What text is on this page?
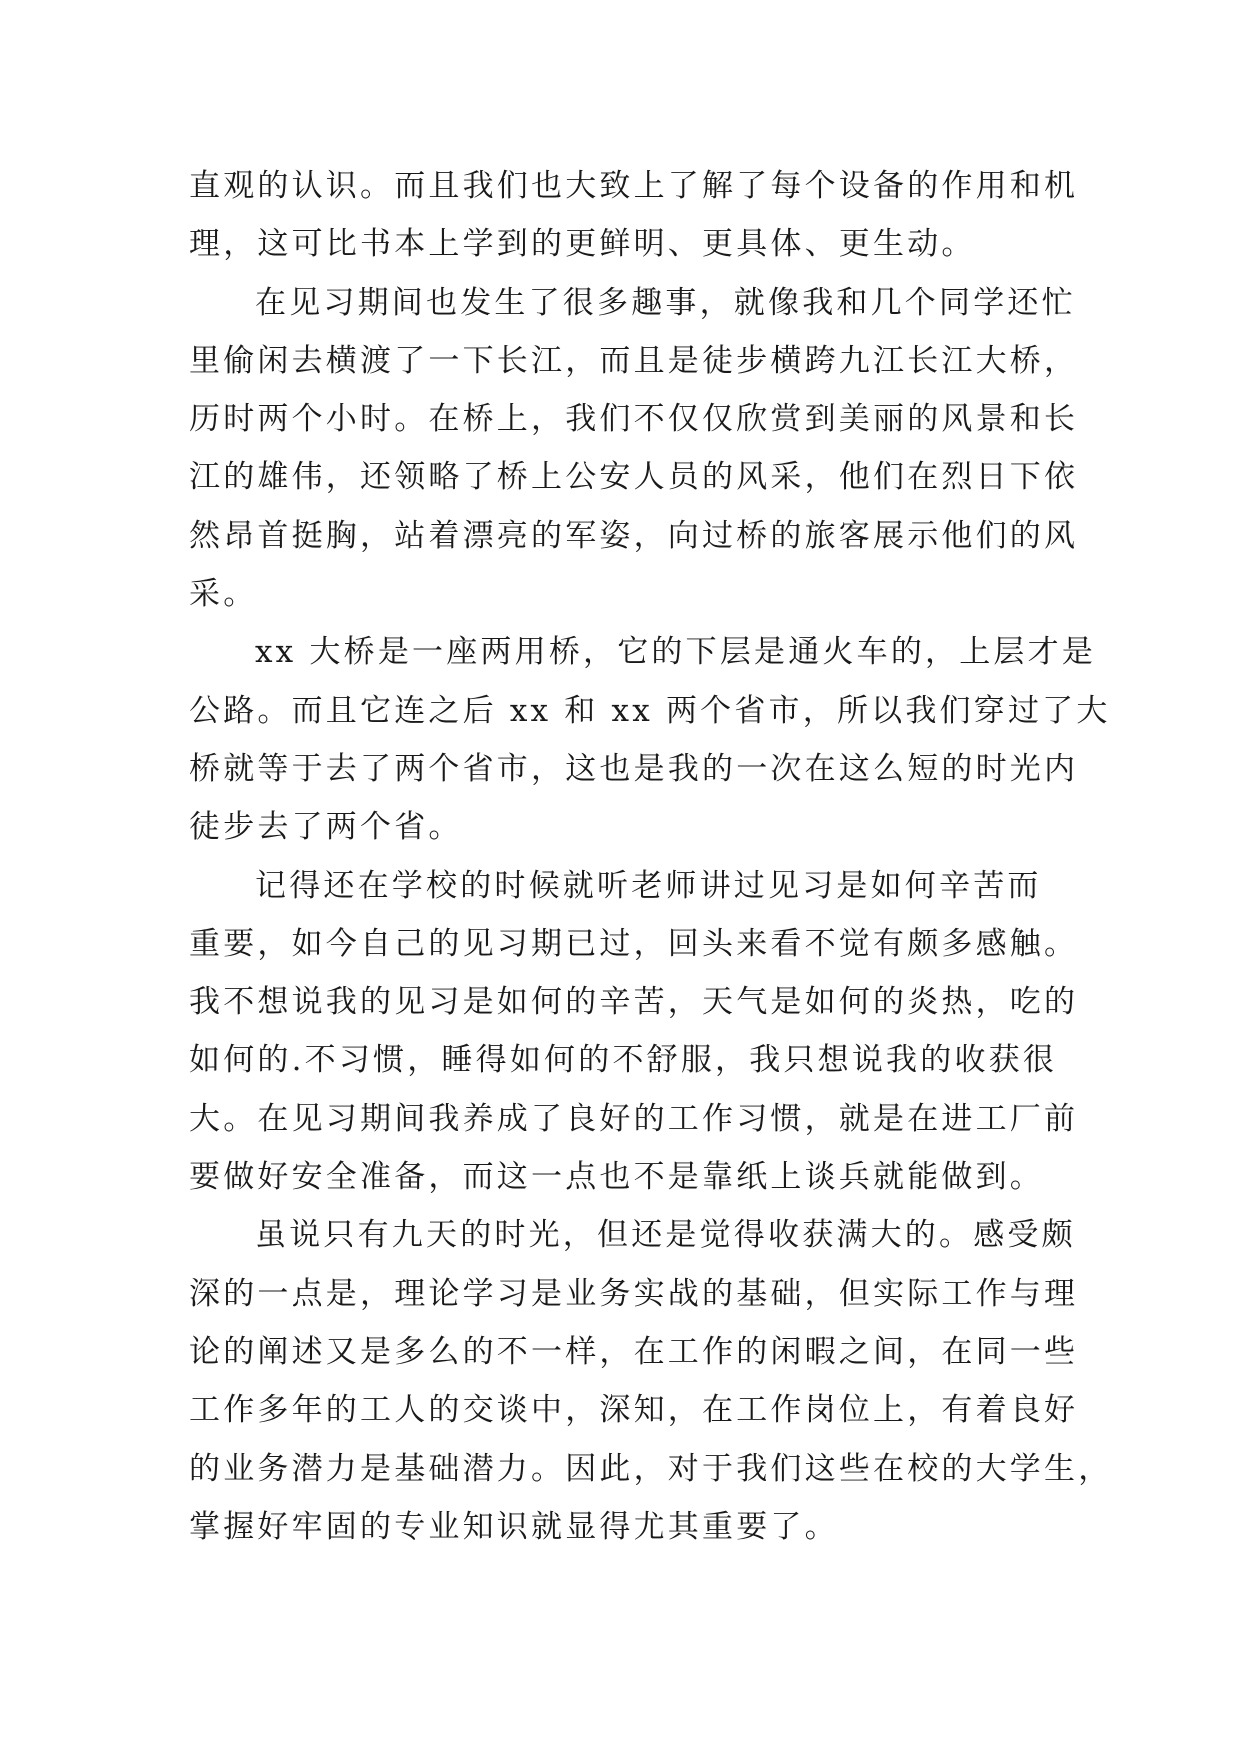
直观的认识。而且我们也大致上了解了每个设备的作用和机
理，这可比书本上学到的更鲜明、更具体、更生动。
在见习期间也发生了很多趣事，就像我和几个同学还忙
里偷闲去横渡了一下长江，而且是徒步横跨九江长江大桥，
历时两个小时。在桥上，我们不仅仅欣赏到美丽的风景和长
江的雄伟，还领略了桥上公安人员的风采，他们在烈日下依
然昂首挺胸，站着漂亮的军姿，向过桥的旅客展示他们的风
采。
xx 大桥是一座两用桥，它的下层是通火车的，上层才是
公路。而且它连之后 xx 和 xx 两个省市，所以我们穿过了大
桥就等于去了两个省市，这也是我的一次在这么短的时光内
徒步去了两个省。
记得还在学校的时候就听老师讲过见习是如何辛苦而
重要，如今自己的见习期已过，回头来看不觉有颇多感触。
我不想说我的见习是如何的辛苦，天气是如何的炎热，吃的
如何的.不习惯，睡得如何的不舒服，我只想说我的收获很
大。在见习期间我养成了良好的工作习惯，就是在进工厂前
要做好安全准备，而这一点也不是靠纸上谈兵就能做到。
虽说只有九天的时光，但还是觉得收获满大的。感受颇
深的一点是，理论学习是业务实战的基础，但实际工作与理
论的阐述又是多么的不一样，在工作的闲暇之间，在同一些
工作多年的工人的交谈中，深知，在工作岗位上，有着良好
的业务潜力是基础潜力。因此，对于我们这些在校的大学生，
掌握好牢固的专业知识就显得尤其重要了。
